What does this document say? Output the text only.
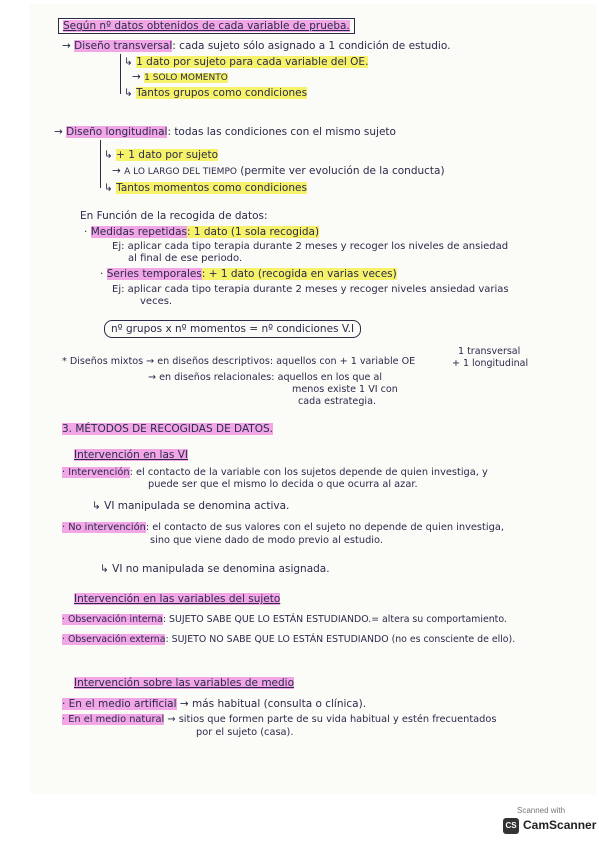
Según nº datos obtenidos de cada variable de prueba.
→ Diseño transversal: cada sujeto sólo asignado a 1 condición de estudio.
↳ 1 dato por sujeto para cada variable del OE.
→ 1 SOLO MOMENTO
↳ Tantos grupos como condiciones
→ Diseño longitudinal: todas las condiciones con el mismo sujeto
↳ + 1 dato por sujeto
→ A LO LARGO DEL TIEMPO (permite ver evolución de la conducta)
↳ Tantos momentos como condiciones
En Función de la recogida de datos:
· Medidas repetidas: 1 dato (1 sola recogida)
Ej: aplicar cada tipo terapia durante 2 meses y recoger los niveles de ansiedad
al final de ese periodo.
· Series temporales: + 1 dato (recogida en varias veces)
Ej: aplicar cada tipo terapia durante 2 meses y recoger niveles ansiedad varias
veces.
nº grupos x nº momentos = nº condiciones V.I
* Diseños mixtos → en diseños descriptivos: aquellos con + 1 variable OE
1 transversal
+ 1 longitudinal
→ en diseños relacionales: aquellos en los que al
menos existe 1 VI con
cada estrategia.
3. MÉTODOS DE RECOGIDAS DE DATOS.
Intervención en las VI
· Intervención: el contacto de la variable con los sujetos depende de quien investiga, y
puede ser que el mismo lo decida o que ocurra al azar.
↳ VI manipulada se denomina activa.
· No intervención: el contacto de sus valores con el sujeto no depende de quien investiga,
sino que viene dado de modo previo al estudio.
↳ VI no manipulada se denomina asignada.
Intervención en las variables del sujeto
· Observación interna: SUJETO SABE QUE LO ESTÁN ESTUDIANDO.= altera su comportamiento.
· Observación externa: SUJETO NO SABE QUE LO ESTÁN ESTUDIANDO (no es consciente de ello).
Intervención sobre las variables de medio
· En el medio artificial → más habitual (consulta o clínica).
· En el medio natural → sitios que formen parte de su vida habitual y estén frecuentados
por el sujeto (casa).
Scanned with
CS CamScanner
